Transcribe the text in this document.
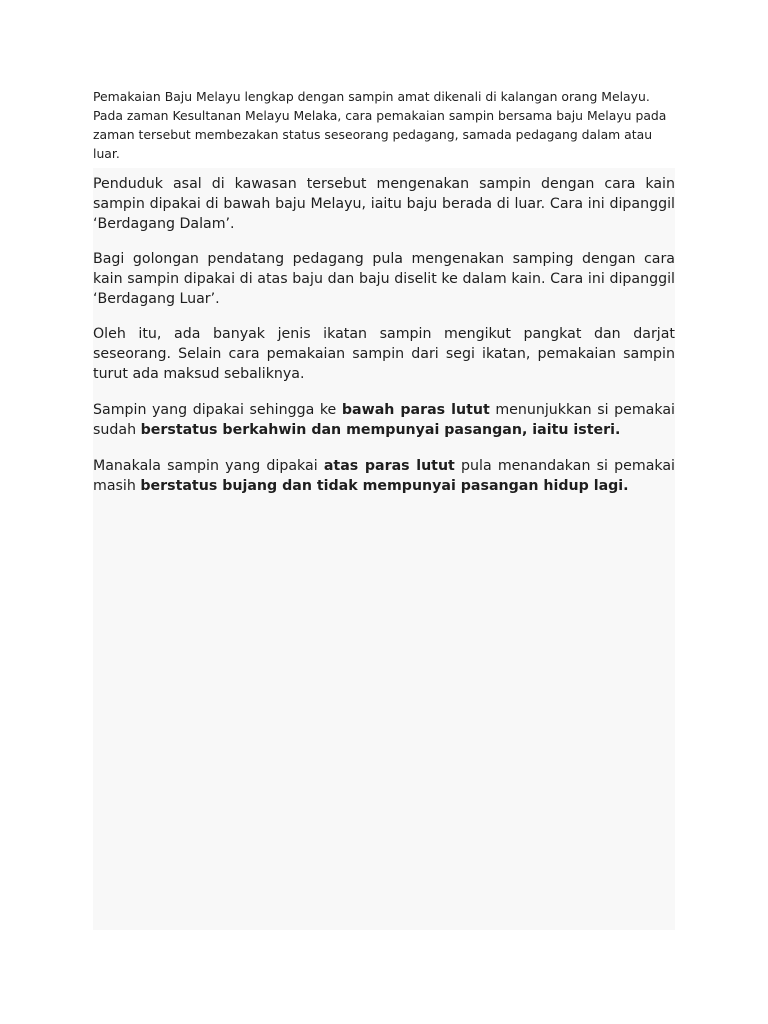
Pemakaian Baju Melayu lengkap dengan sampin amat dikenali di kalangan orang Melayu. Pada zaman Kesultanan Melayu Melaka, cara pemakaian sampin bersama baju Melayu pada zaman tersebut membezakan status seseorang pedagang, samada pedagang dalam atau luar.

Penduduk asal di kawasan tersebut mengenakan sampin dengan cara kain sampin dipakai di bawah baju Melayu, iaitu baju berada di luar. Cara ini dipanggil ‘Berdagang Dalam’.

Bagi golongan pendatang pedagang pula mengenakan samping dengan cara kain sampin dipakai di atas baju dan baju diselit ke dalam kain. Cara ini dipanggil ‘Berdagang Luar’.

Oleh itu, ada banyak jenis ikatan sampin mengikut pangkat dan darjat seseorang. Selain cara pemakaian sampin dari segi ikatan, pemakaian sampin turut ada maksud sebaliknya.

Sampin yang dipakai sehingga ke bawah paras lutut menunjukkan si pemakai sudah berstatus berkahwin dan mempunyai pasangan, iaitu isteri.

Manakala sampin yang dipakai atas paras lutut pula menandakan si pemakai masih berstatus bujang dan tidak mempunyai pasangan hidup lagi.
